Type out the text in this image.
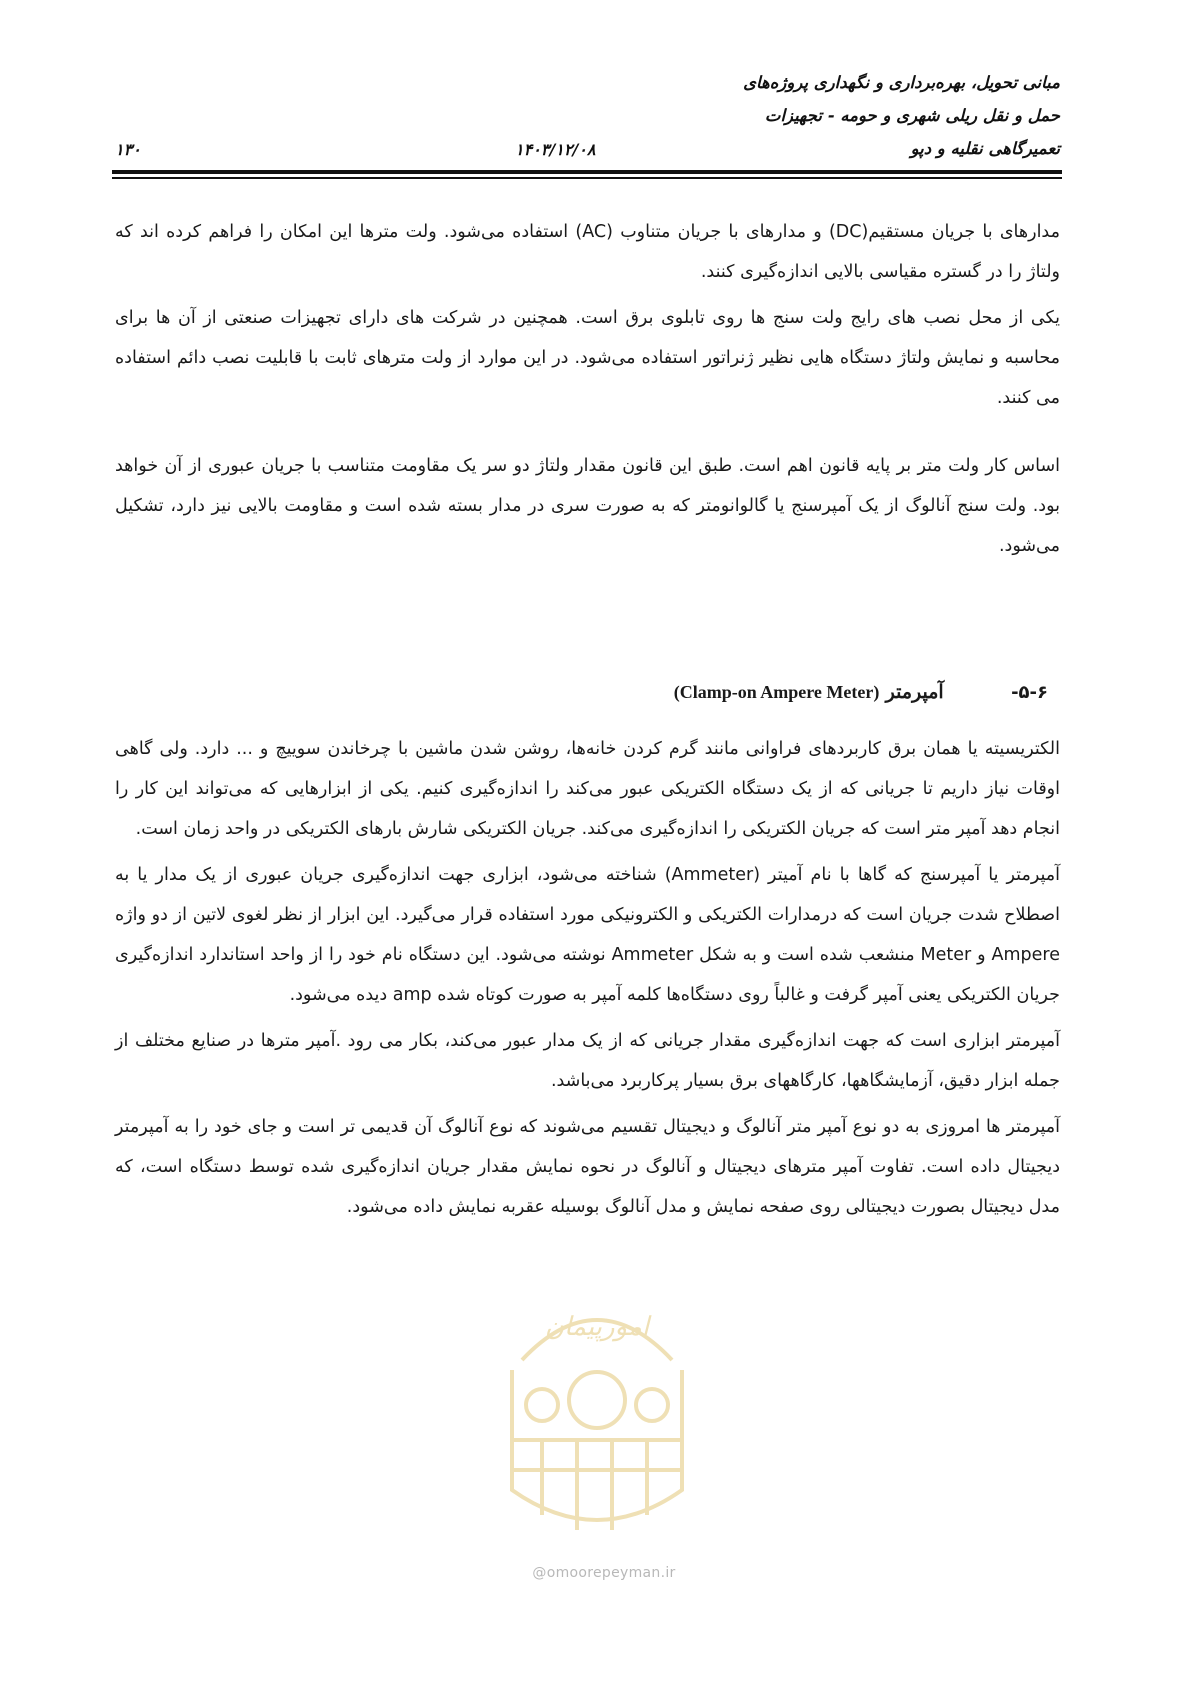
مبانی تحویل، بهره‌برداری و نگهداری پروژه‌های
حمل و نقل ریلی شهری و حومه - تجهیزات
تعمیرگاهی نقلیه و دپو
۱۴۰۳/۱۲/۰۸
۱۳۰

مدارهای با جریان مستقیم(DC) و مدارهای با جریان متناوب (AC) استفاده می‌شود. ولت مترها این امکان را فراهم کرده اند که ولتاژ را در گستره مقیاسی بالایی اندازه‌گیری کنند.

یکی از محل نصب های رایج ولت سنج ها روی تابلوی برق است. همچنین در شرکت های دارای تجهیزات صنعتی از آن ها برای محاسبه و نمایش ولتاژ دستگاه هایی نظیر ژنراتور استفاده می‌شود. در این موارد از ولت مترهای ثابت با قابلیت نصب دائم استفاده می کنند.

اساس کار ولت متر بر پایه قانون اهم است. طبق این قانون مقدار ولتاژ دو سر یک مقاومت متناسب با جریان عبوری از آن خواهد بود. ولت سنج آنالوگ از یک آمپرسنج یا گالوانومتر که به صورت سری در مدار بسته شده است و مقاومت بالایی نیز دارد، تشکیل می‌شود.

۵-۶- آمپرمتر (Clamp-on Ampere Meter)

الکتریسیته یا همان برق کاربردهای فراوانی مانند گرم کردن خانه‌ها، روشن شدن ماشین با چرخاندن سوییچ و ... دارد. ولی گاهی اوقات نیاز داریم تا جریانی که از یک دستگاه الکتریکی عبور می‌کند را اندازه‌گیری کنیم. یکی از ابزارهایی که می‌تواند این کار را انجام دهد آمپر متر است که جریان الکتریکی را اندازه‌گیری می‌کند. جریان الکتریکی شارش بارهای الکتریکی در واحد زمان است.

آمپرمتر یا آمپرسنج که گاها با نام آمیتر (Ammeter) شناخته می‌شود، ابزاری جهت اندازه‌گیری جریان عبوری از یک مدار یا به اصطلاح شدت جریان است که درمدارات الکتریکی و الکترونیکی مورد استفاده قرار می‌گیرد. این ابزار از نظر لغوی لاتین از دو واژه Ampere و Meter منشعب شده است و به شکل Ammeter نوشته می‌شود. این دستگاه نام خود را از واحد استاندارد اندازه‌گیری جریان الکتریکی یعنی آمپر گرفت و غالباً روی دستگاه‌ها کلمه آمپر به صورت کوتاه شده amp دیده می‌شود.

آمپرمتر ابزاری است که جهت اندازه‌گیری مقدار جریانی که از یک مدار عبور می‌کند، بکار می رود .آمپر مترها در صنایع مختلف از جمله ابزار دقیق، آزمایشگاهها، کارگاههای برق بسیار پرکاربرد می‌باشد.

آمپرمتر ها امروزی به دو نوع آمپر متر آنالوگ و دیجیتال تقسیم می‌شوند که نوع آنالوگ آن قدیمی تر است و جای خود را به آمپرمتر دیجیتال داده است. تفاوت آمپر مترهای دیجیتال و آنالوگ در نحوه نمایش مقدار جریان اندازه‌گیری شده توسط دستگاه است، که مدل دیجیتال بصورت دیجیتالی روی صفحه نمایش و مدل آنالوگ بوسیله عقربه نمایش داده می‌شود.

امورپیمان
@omoorepeyman.ir
